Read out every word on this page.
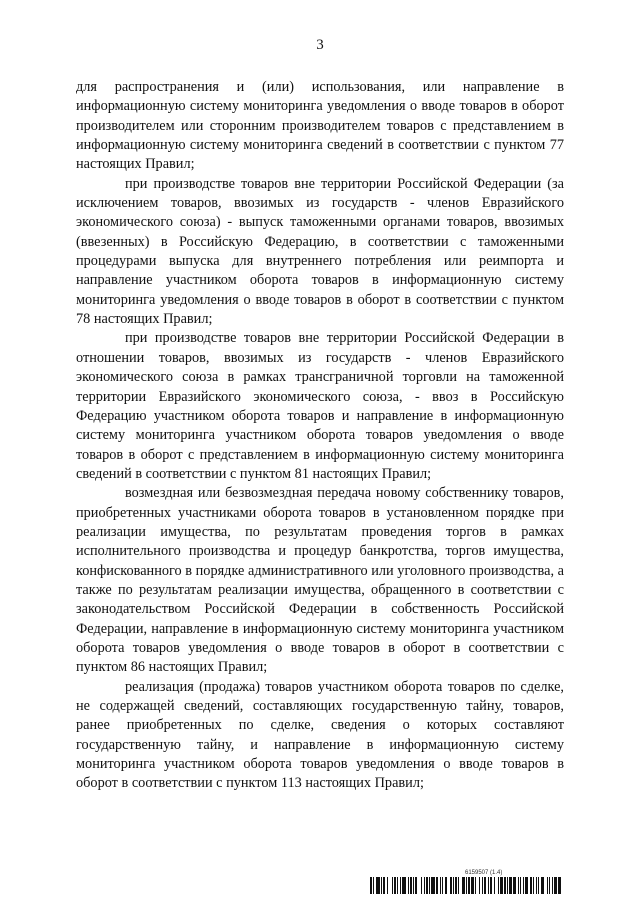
3

для распространения и (или) использования, или направление в информационную систему мониторинга уведомления о вводе товаров в оборот производителем или сторонним производителем товаров с представлением в информационную систему мониторинга сведений в соответствии с пунктом 77 настоящих Правил;

при производстве товаров вне территории Российской Федерации (за исключением товаров, ввозимых из государств - членов Евразийского экономического союза) - выпуск таможенными органами товаров, ввозимых (ввезенных) в Российскую Федерацию, в соответствии с таможенными процедурами выпуска для внутреннего потребления или реимпорта и направление участником оборота товаров в информационную систему мониторинга уведомления о вводе товаров в оборот в соответствии с пунктом 78 настоящих Правил;

при производстве товаров вне территории Российской Федерации в отношении товаров, ввозимых из государств - членов Евразийского экономического союза в рамках трансграничной торговли на таможенной территории Евразийского экономического союза, - ввоз в Российскую Федерацию участником оборота товаров и направление в информационную систему мониторинга участником оборота товаров уведомления о вводе товаров в оборот с представлением в информационную систему мониторинга сведений в соответствии с пунктом 81 настоящих Правил;

возмездная или безвозмездная передача новому собственнику товаров, приобретенных участниками оборота товаров в установленном порядке при реализации имущества, по результатам проведения торгов в рамках исполнительного производства и процедур банкротства, торгов имущества, конфискованного в порядке административного или уголовного производства, а также по результатам реализации имущества, обращенного в соответствии с законодательством Российской Федерации в собственность Российской Федерации, направление в информационную систему мониторинга участником оборота товаров уведомления о вводе товаров в оборот в соответствии с пунктом 86 настоящих Правил;

реализация (продажа) товаров участником оборота товаров по сделке, не содержащей сведений, составляющих государственную тайну, товаров, ранее приобретенных по сделке, сведения о которых составляют государственную тайну, и направление в информационную систему мониторинга участником оборота товаров уведомления о вводе товаров в оборот в соответствии с пунктом 113 настоящих Правил;

6159507 (1.4)
